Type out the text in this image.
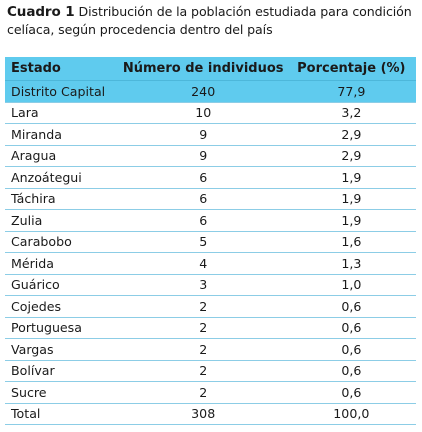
Cuadro 1 Distribución de la población estudiada para condición celíaca, según procedencia dentro del país
Estado	Número de individuos	Porcentaje (%)
Distrito Capital	240	77,9
Lara	10	3,2
Miranda	9	2,9
Aragua	9	2,9
Anzoátegui	6	1,9
Táchira	6	1,9
Zulia	6	1,9
Carabobo	5	1,6
Mérida	4	1,3
Guárico	3	1,0
Cojedes	2	0,6
Portuguesa	2	0,6
Vargas	2	0,6
Bolívar	2	0,6
Sucre	2	0,6
Total	308	100,0
